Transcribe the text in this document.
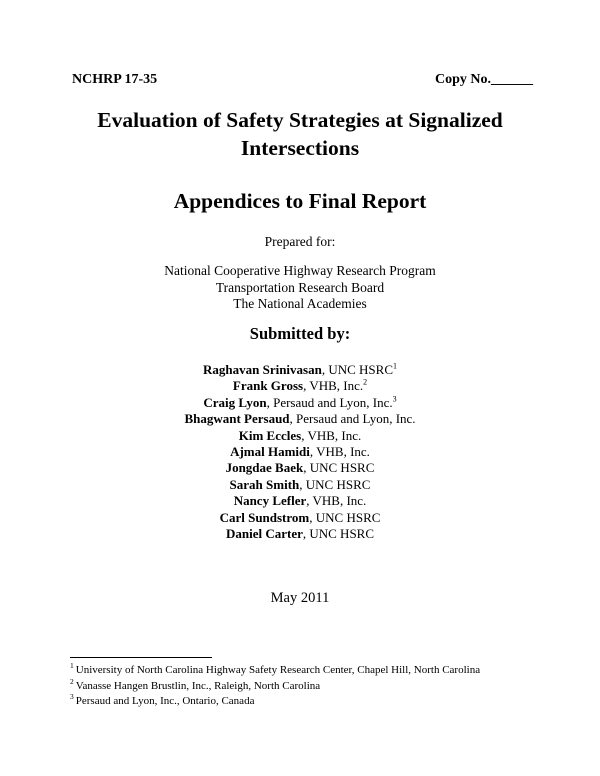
NCHRP 17-35	Copy No.______
Evaluation of Safety Strategies at Signalized
Intersections
Appendices to Final Report
Prepared for:
National Cooperative Highway Research Program
Transportation Research Board
The National Academies
Submitted by:
Raghavan Srinivasan, UNC HSRC$^1$
Frank Gross, VHB, Inc.$^2$
Craig Lyon, Persaud and Lyon, Inc.$^3$
Bhagwant Persaud, Persaud and Lyon, Inc.
Kim Eccles, VHB, Inc.
Ajmal Hamidi, VHB, Inc.
Jongdae Baek, UNC HSRC
Sarah Smith, UNC HSRC
Nancy Lefler, VHB, Inc.
Carl Sundstrom, UNC HSRC
Daniel Carter, UNC HSRC
May 2011
$^1$ University of North Carolina Highway Safety Research Center, Chapel Hill, North Carolina
$^2$ Vanasse Hangen Brustlin, Inc., Raleigh, North Carolina
$^3$ Persaud and Lyon, Inc., Ontario, Canada
